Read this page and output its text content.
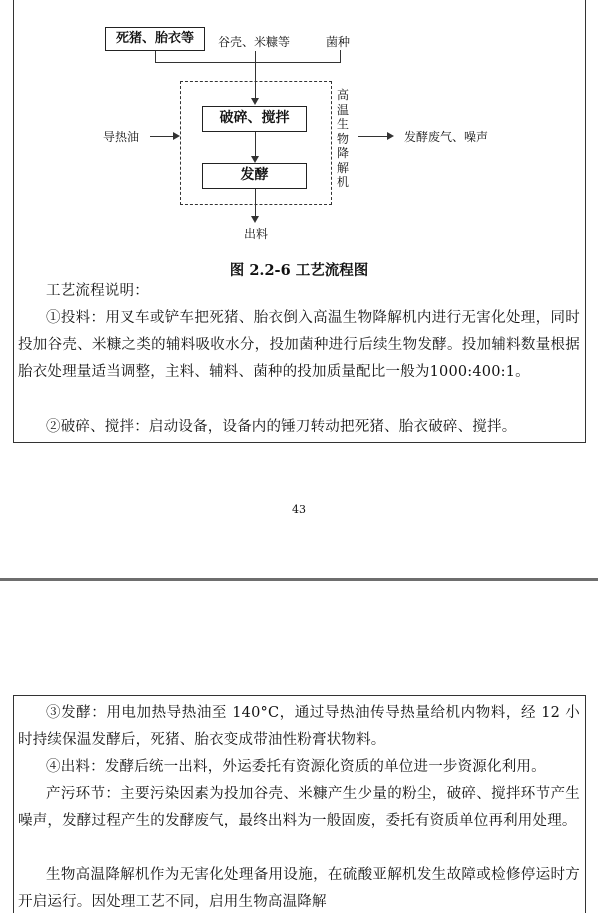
死猪、胎衣等	谷壳、米糠等	菌种
破碎、搅拌
发酵
出料
导热油
高温生物降解机
发酵废气、噪声
图 2.2-6 工艺流程图
工艺流程说明：
①投料：用叉车或铲车把死猪、胎衣倒入高温生物降解机内进行无害化处理，同时投加谷壳、米糠之类的辅料吸收水分，投加菌种进行后续生物发酵。投加辅料数量根据胎衣处理量适当调整，主料、辅料、菌种的投加质量配比一般为1000:400:1。
②破碎、搅拌：启动设备，设备内的锤刀转动把死猪、胎衣破碎、搅拌。
43
③发酵：用电加热导热油至 140°C，通过导热油传导热量给机内物料，经 12 小时持续保温发酵后，死猪、胎衣变成带油性粉膏状物料。
④出料：发酵后统一出料，外运委托有资源化资质的单位进一步资源化利用。
产污环节：主要污染因素为投加谷壳、米糠产生少量的粉尘，破碎、搅拌环节产生噪声，发酵过程产生的发酵废气，最终出料为一般固废，委托有资质单位再利用处理。
生物高温降解机作为无害化处理备用设施，在硫酸亚解机发生故障或检修停运时方开启运行。因处理工艺不同，启用生物高温降解
